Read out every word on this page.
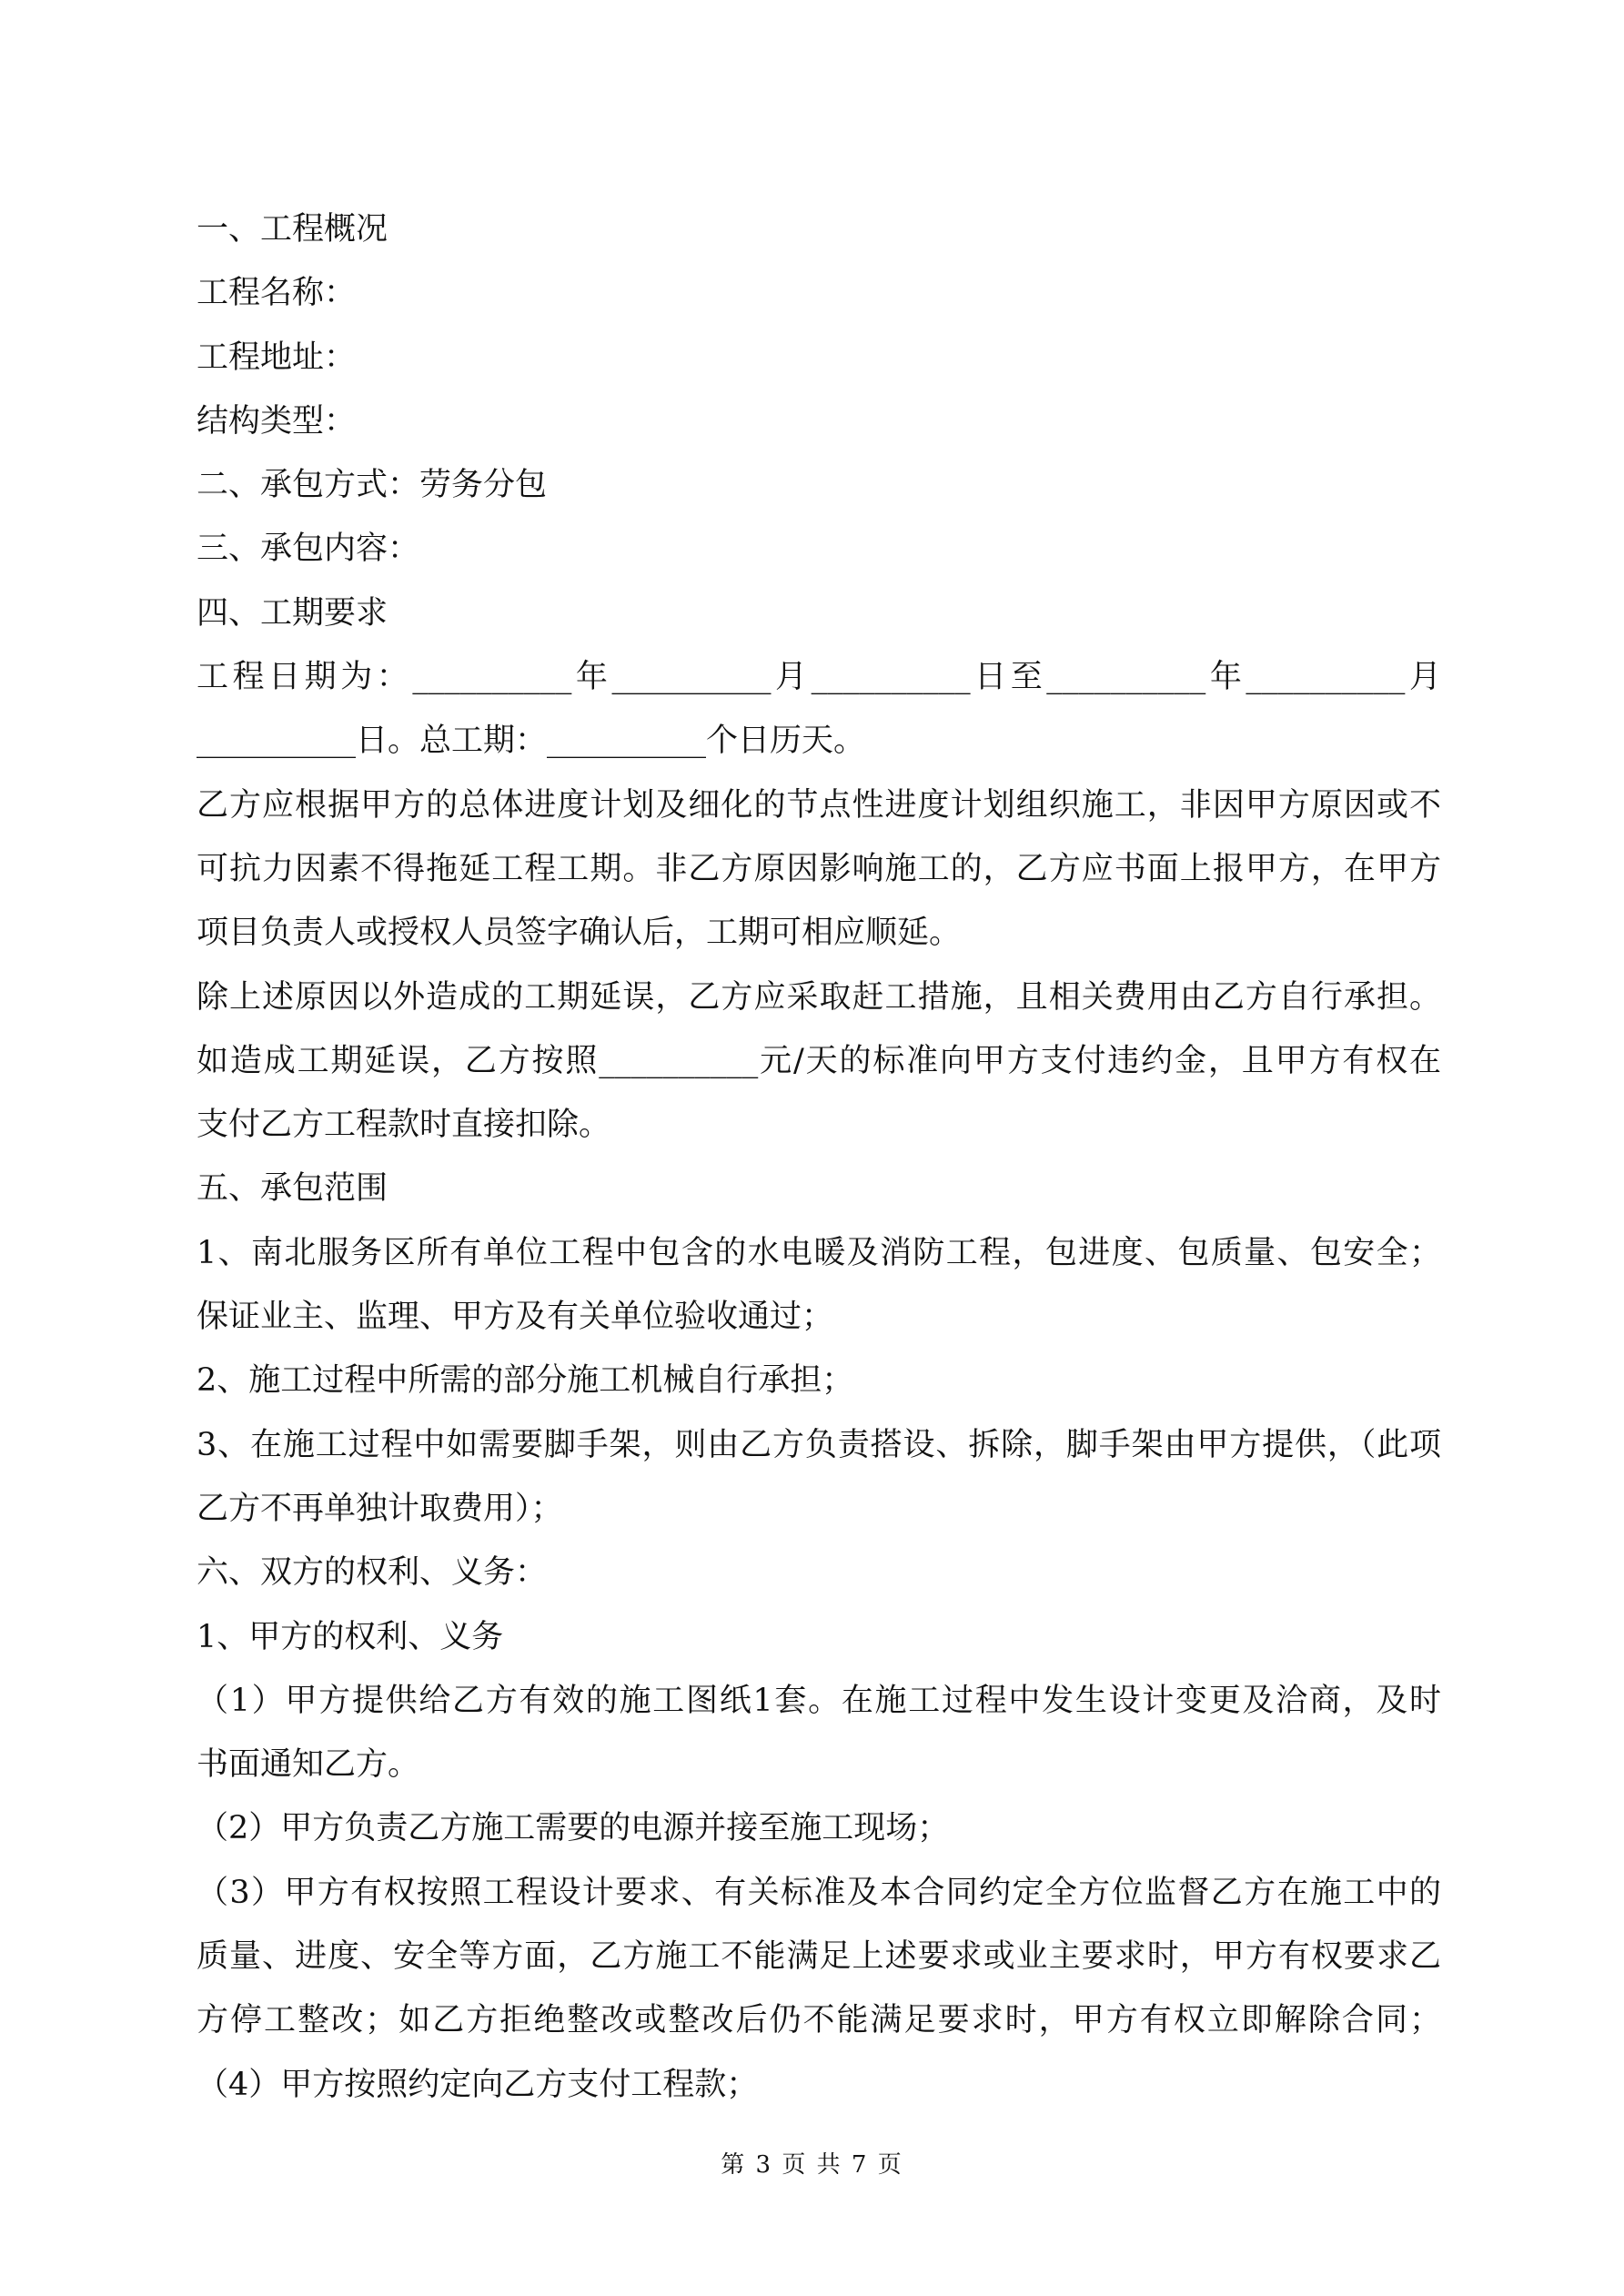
一、工程概况
工程名称：
工程地址：
结构类型：
二、承包方式：劳务分包
三、承包内容：
四、工期要求
工程日期为：__________年__________月__________日至__________年__________月
__________日。总工期：__________个日历天。
乙方应根据甲方的总体进度计划及细化的节点性进度计划组织施工，非因甲方原因或不
可抗力因素不得拖延工程工期。非乙方原因影响施工的，乙方应书面上报甲方，在甲方
项目负责人或授权人员签字确认后，工期可相应顺延。
除上述原因以外造成的工期延误，乙方应采取赶工措施，且相关费用由乙方自行承担。
如造成工期延误，乙方按照__________元/天的标准向甲方支付违约金，且甲方有权在
支付乙方工程款时直接扣除。
五、承包范围
1、南北服务区所有单位工程中包含的水电暖及消防工程，包进度、包质量、包安全；
保证业主、监理、甲方及有关单位验收通过；
2、施工过程中所需的部分施工机械自行承担；
3、在施工过程中如需要脚手架，则由乙方负责搭设、拆除，脚手架由甲方提供，（此项
乙方不再单独计取费用）；
六、双方的权利、义务：
1、甲方的权利、义务
（1）甲方提供给乙方有效的施工图纸1套。在施工过程中发生设计变更及洽商，及时
书面通知乙方。
（2）甲方负责乙方施工需要的电源并接至施工现场；
（3）甲方有权按照工程设计要求、有关标准及本合同约定全方位监督乙方在施工中的
质量、进度、安全等方面，乙方施工不能满足上述要求或业主要求时，甲方有权要求乙
方停工整改；如乙方拒绝整改或整改后仍不能满足要求时，甲方有权立即解除合同；
（4）甲方按照约定向乙方支付工程款；
第 3 页 共 7 页
